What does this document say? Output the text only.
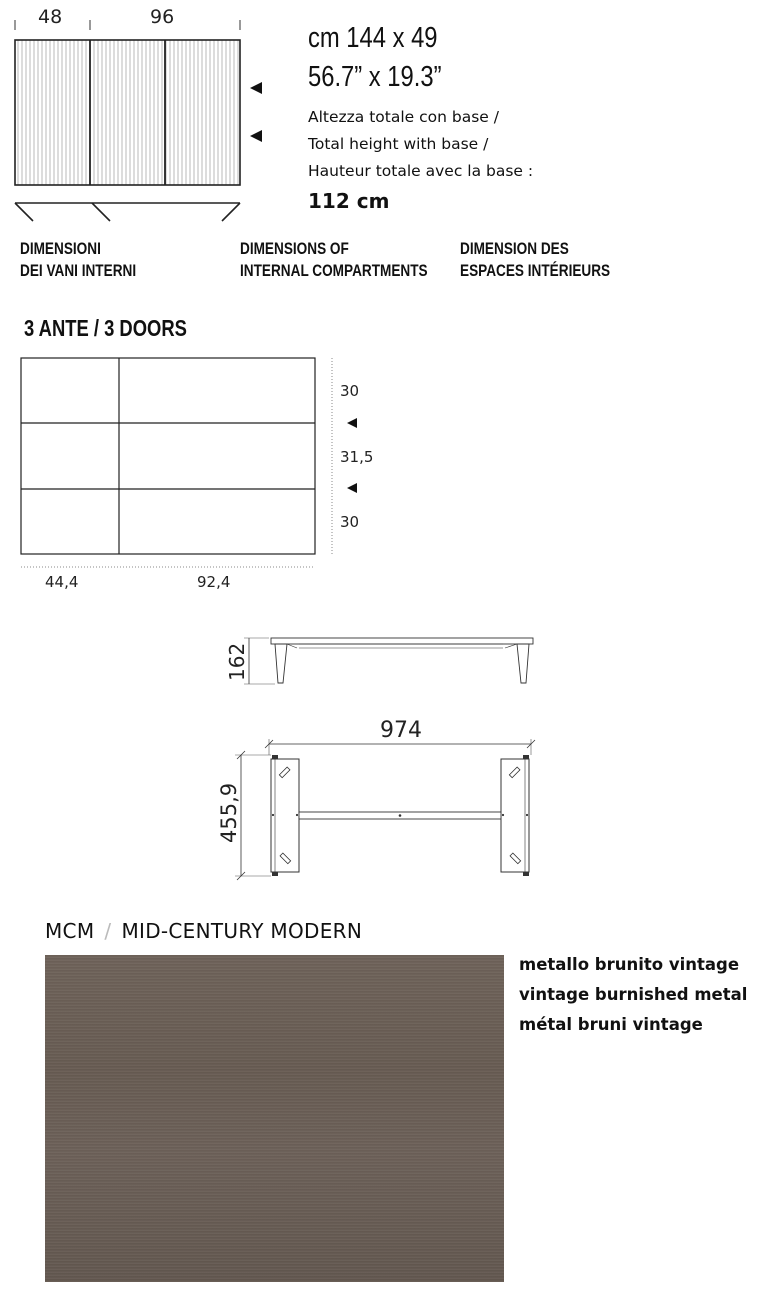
48	96
cm 144 x 49
56.7” x 19.3”
Altezza totale con base /
Total height with base /
Hauteur totale avec la base :
112 cm
DIMENSIONI
DEI VANI INTERNI
DIMENSIONS OF
INTERNAL COMPARTMENTS
DIMENSION DES
ESPACES INTÉRIEURS
3 ANTE / 3 DOORS
30
31,5
30
44,4	92,4
162
974
455,9
MCM / MID-CENTURY MODERN
metallo brunito vintage
vintage burnished metal
métal bruni vintage
